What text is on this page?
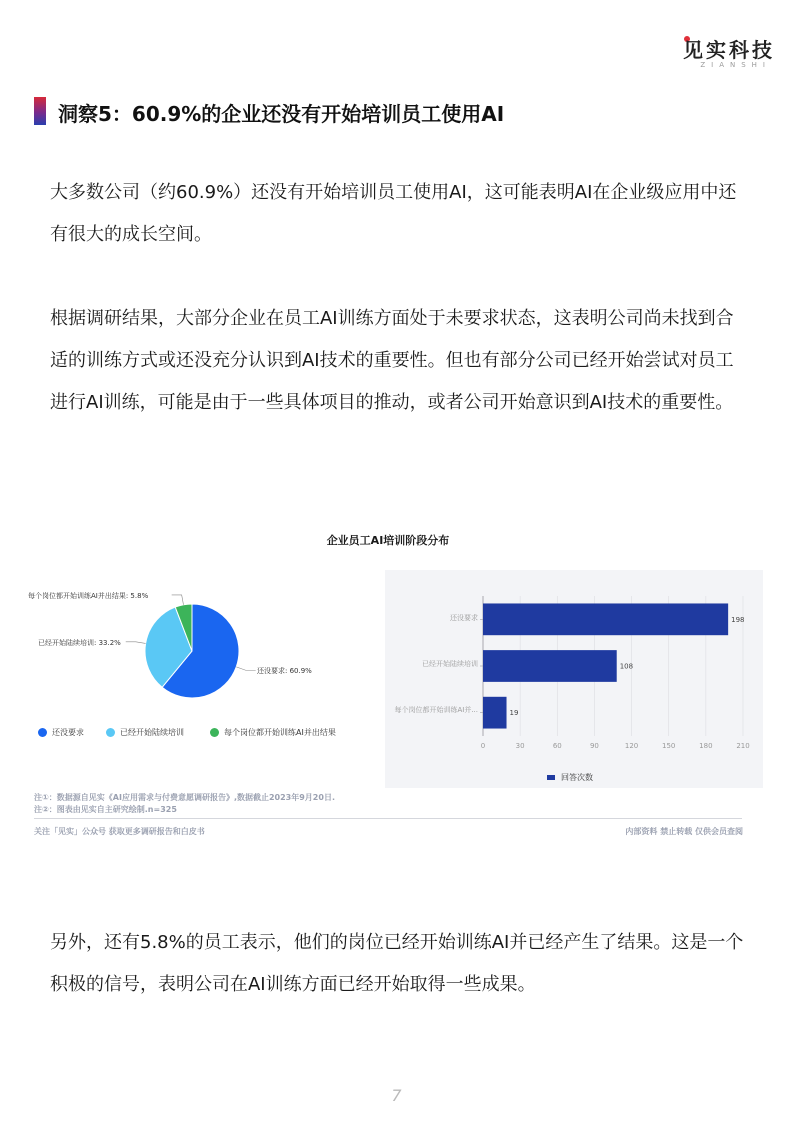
见实科技
ZIANSHI
洞察5：60.9%的企业还没有开始培训员工使用AI
大多数公司（约60.9%）还没有开始培训员工使用AI，这可能表明AI在企业级应用中还有很大的成长空间。
根据调研结果，大部分企业在员工AI训练方面处于未要求状态，这表明公司尚未找到合适的训练方式或还没充分认识到AI技术的重要性。但也有部分公司已经开始尝试对员工进行AI训练，可能是由于一些具体项目的推动，或者公司开始意识到AI技术的重要性。
企业员工AI培训阶段分布
每个岗位都开始训练AI并出结果: 5.8%
已经开始陆续培训: 33.2%
还没要求: 60.9%
还没要求	已经开始陆续培训	每个岗位都开始训练AI并出结果
0	30	60	90	120	150	180	210
198
108
19
还没要求
已经开始陆续培训
每个岗位都开始训练AI并...
回答次数
注①：数据源自见实《AI应用需求与付费意愿调研报告》,数据截止2023年9月20日.
注②：图表由见实自主研究绘制.n=325
关注「见实」公众号 获取更多调研报告和白皮书	内部资料 禁止转载 仅供会员查阅
另外，还有5.8%的员工表示，他们的岗位已经开始训练AI并已经产生了结果。这是一个积极的信号，表明公司在AI训练方面已经开始取得一些成果。
7
